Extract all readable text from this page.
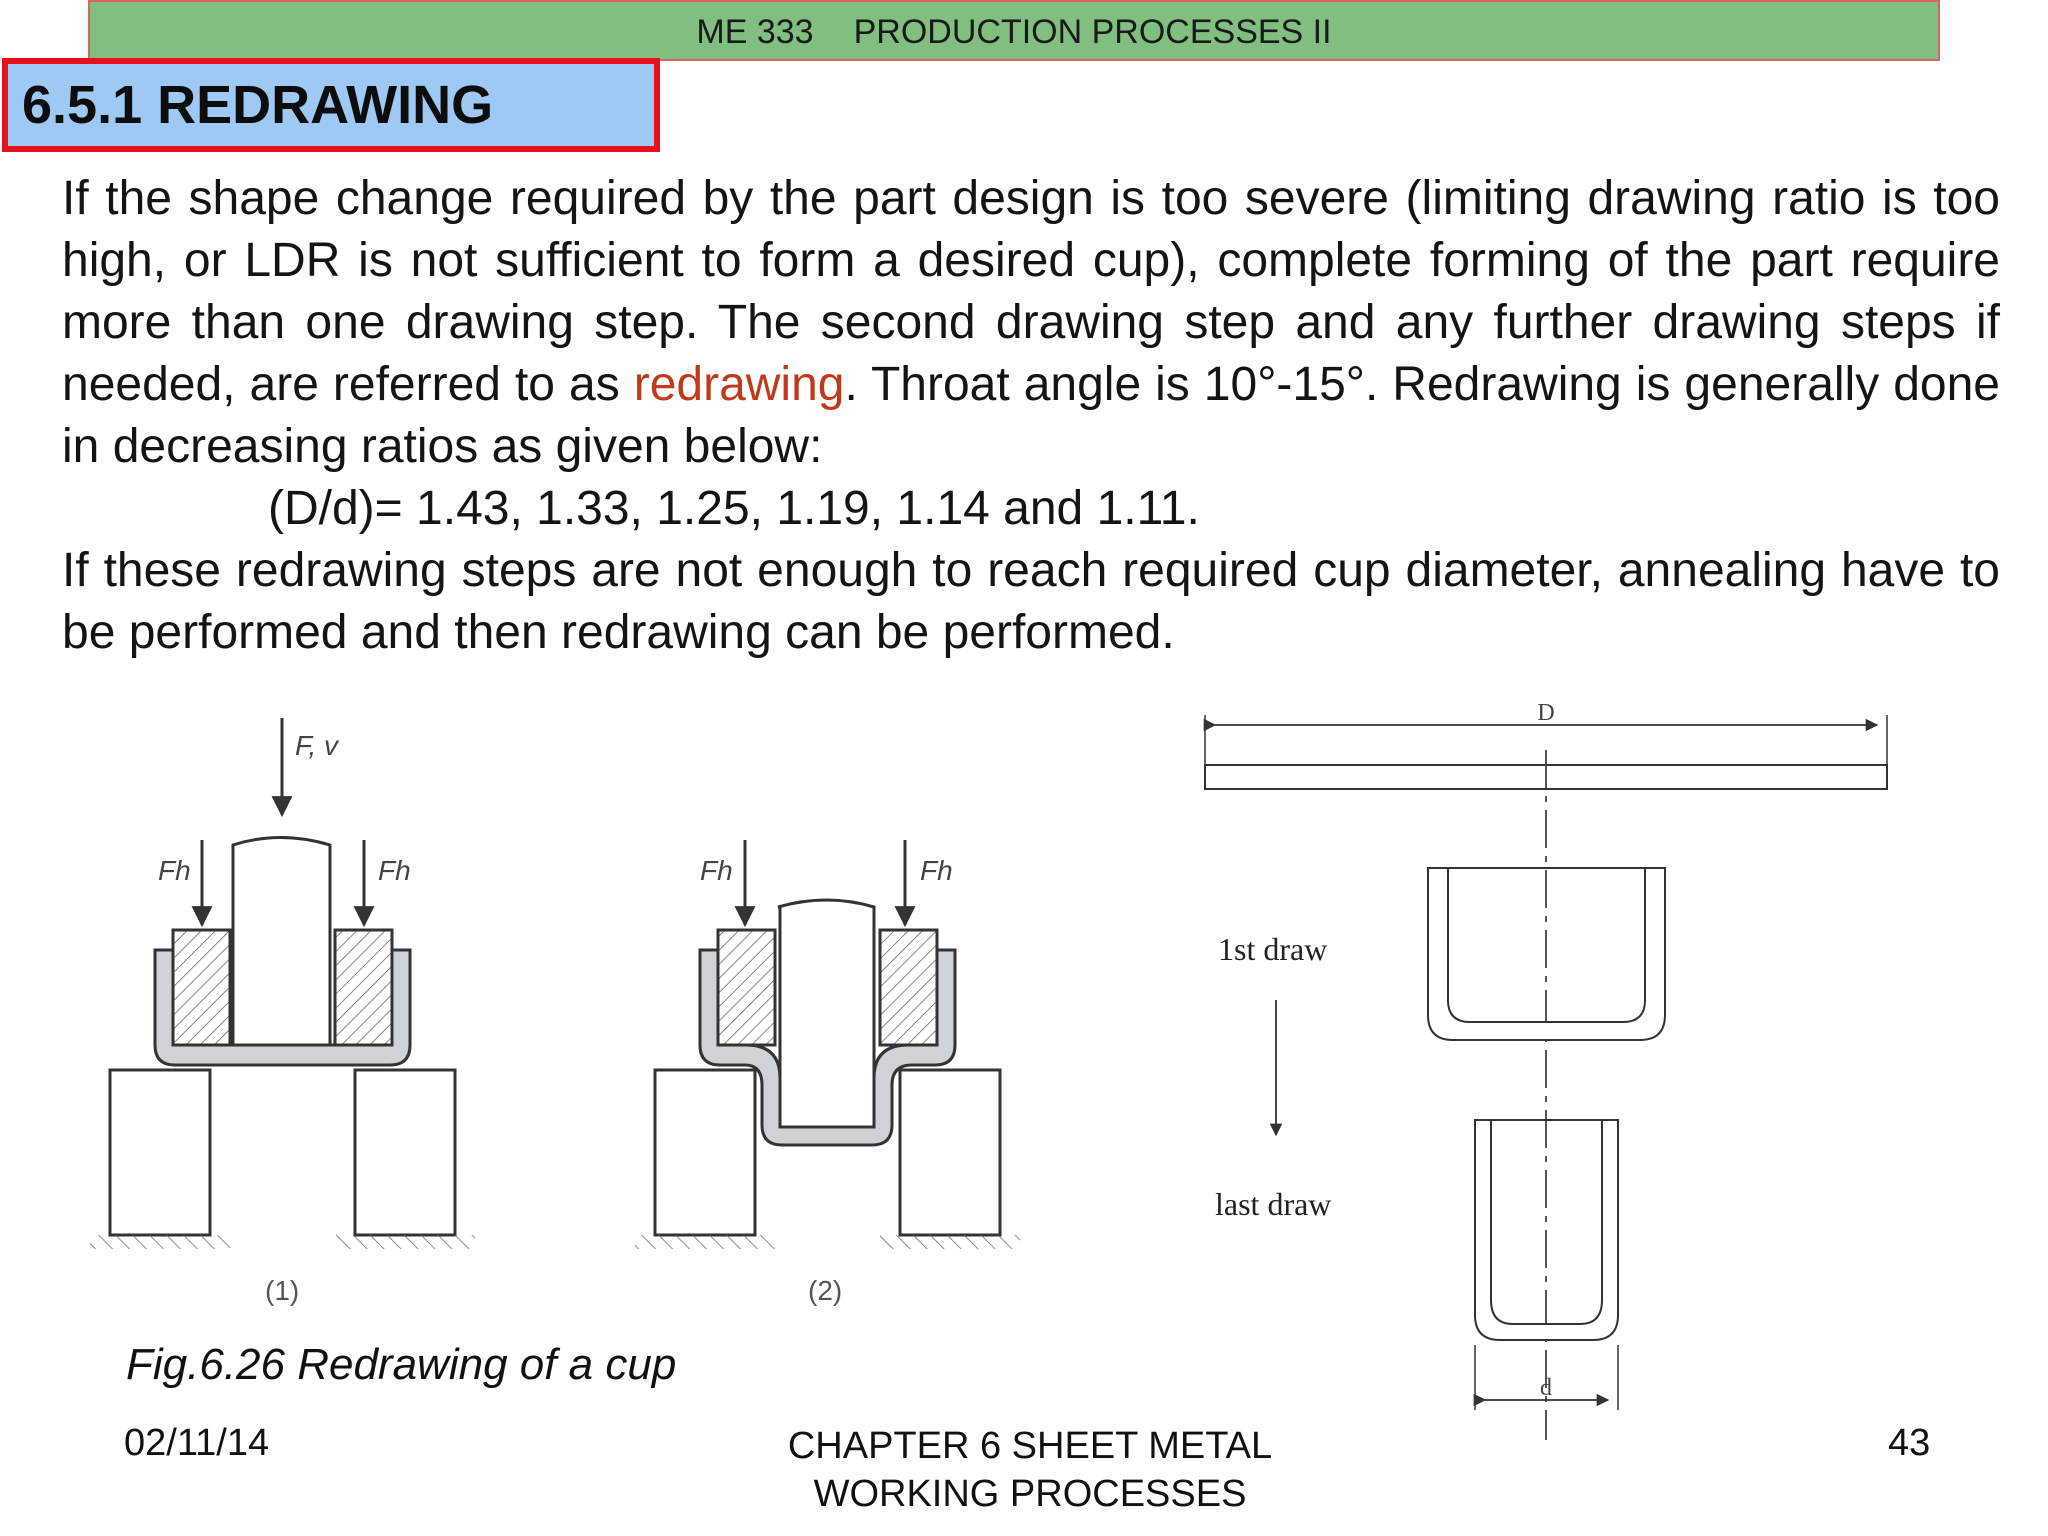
ME 333 PRODUCTION PROCESSES II
6.5.1 REDRAWING

If the shape change required by the part design is too severe (limiting drawing ratio is too high, or LDR is not sufficient to form a desired cup), complete forming of the part require more than one drawing step. The second drawing step and any further drawing steps if needed, are referred to as redrawing. Throat angle is 10°-15°. Redrawing is generally done in decreasing ratios as given below:

(D/d)= 1.43, 1.33, 1.25, 1.19, 1.14 and 1.11.

If these redrawing steps are not enough to reach required cup diameter, annealing have to be performed and then redrawing can be performed.

F, v
Fh	Fh
(1)
Fh	Fh
(2)
D
d
1st draw
last draw
Fig.6.26 Redrawing of a cup
02/11/14	CHAPTER 6 SHEET METAL WORKING PROCESSES
43
